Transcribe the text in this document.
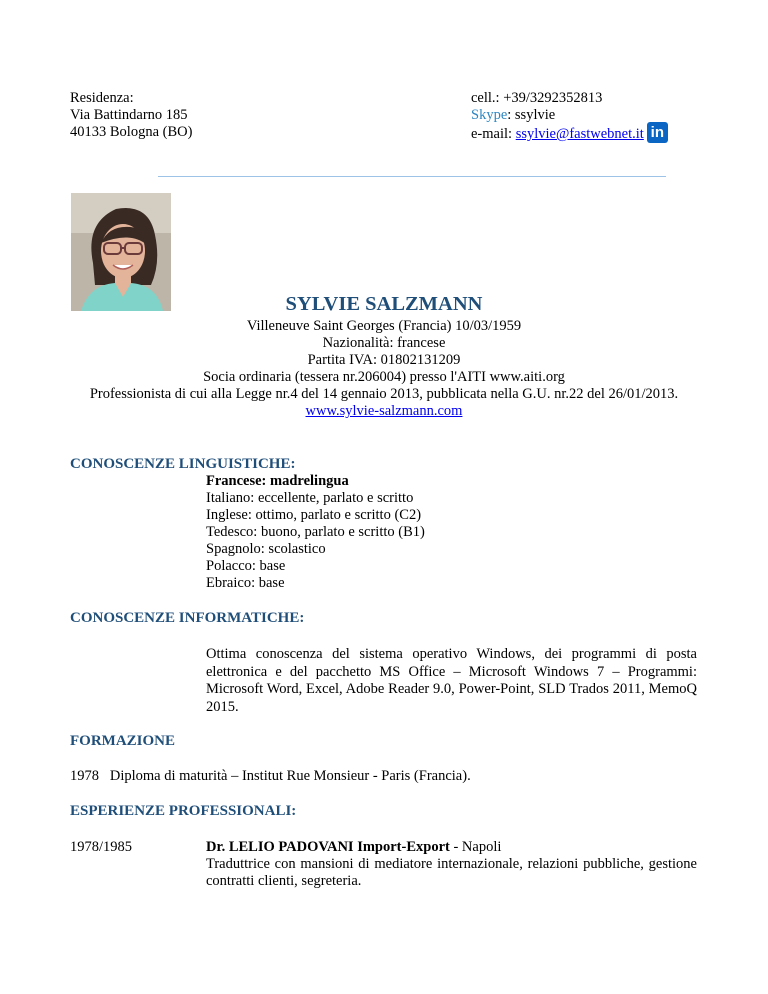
Residenza:
Via Battindarno 185
40133 Bologna (BO)
cell.: +39/3292352813
Skype: ssylvie
e-mail: ssylvie@fastwebnet.it in
SYLVIE SALZMANN
Villeneuve Saint Georges (Francia) 10/03/1959
Nazionalità: francese
Partita IVA: 01802131209
Socia ordinaria (tessera nr.206004) presso l'AITI www.aiti.org
Professionista di cui alla Legge nr.4 del 14 gennaio 2013, pubblicata nella G.U. nr.22 del 26/01/2013.
www.sylvie-salzmann.com
CONOSCENZE LINGUISTICHE:
Francese: madrelingua
Italiano: eccellente, parlato e scritto
Inglese: ottimo, parlato e scritto (C2)
Tedesco: buono, parlato e scritto (B1)
Spagnolo: scolastico
Polacco: base
Ebraico: base
CONOSCENZE INFORMATICHE:
Ottima conoscenza del sistema operativo Windows, dei programmi di posta elettronica e del pacchetto MS Office – Microsoft Windows 7 – Programmi: Microsoft Word, Excel, Adobe Reader 9.0, Power-Point, SLD Trados 2011, MemoQ 2015.
FORMAZIONE
1978 Diploma di maturità – Institut Rue Monsieur - Paris (Francia).
ESPERIENZE PROFESSIONALI:
1978/1985	Dr. LELIO PADOVANI Import-Export - Napoli
Traduttrice con mansioni di mediatore internazionale, relazioni pubbliche, gestione contratti clienti, segreteria.
